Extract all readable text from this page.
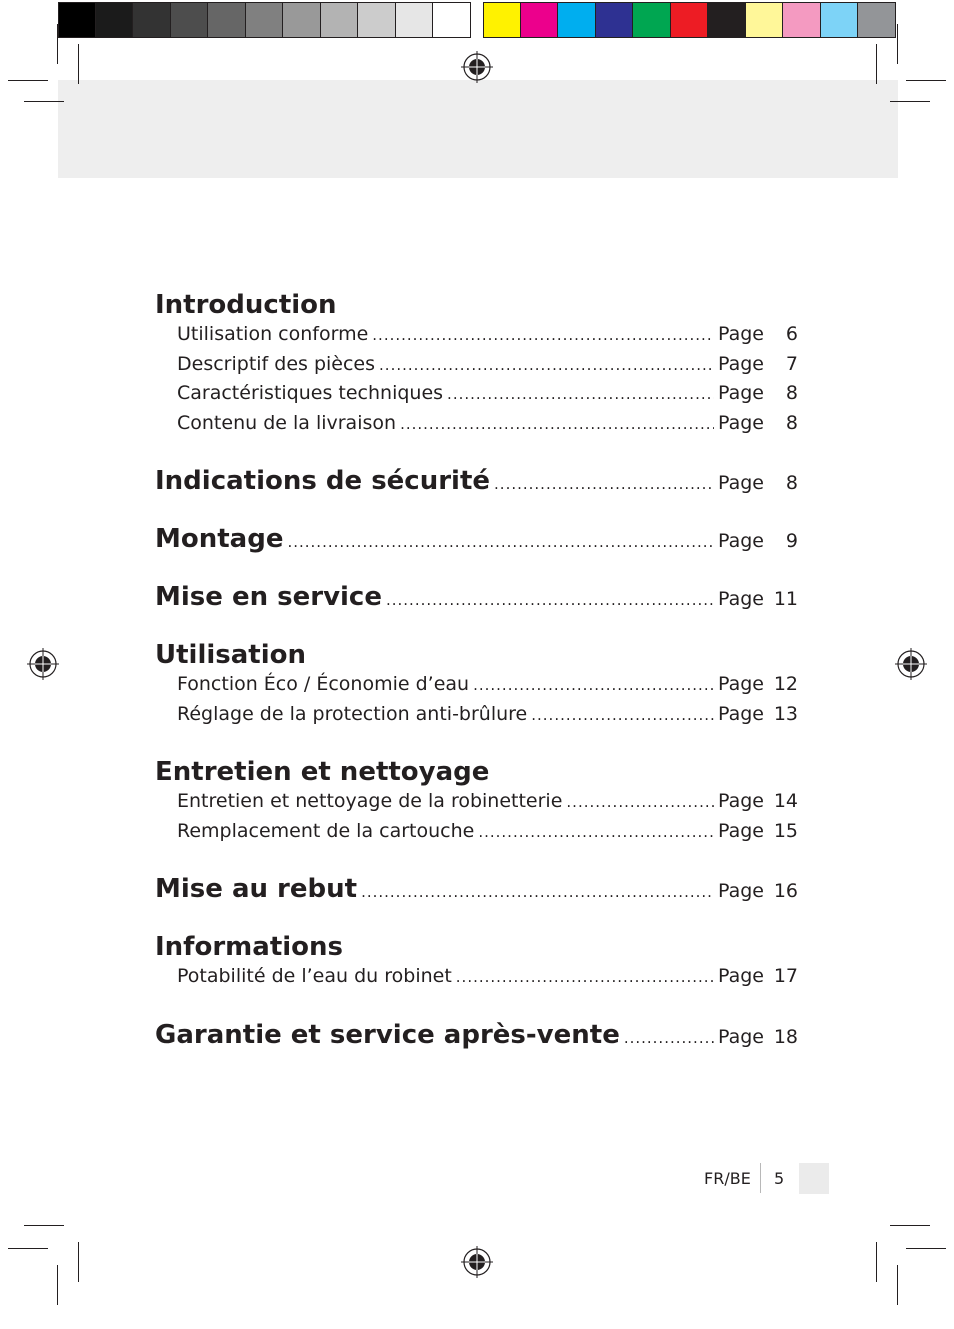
Introduction
Utilisation conforme .....	Page	6
Descriptif des pièces .....	Page	7
Caractéristiques techniques .....	Page	8
Contenu de la livraison .....	Page	8
Indications de sécurité .....	Page	8
Montage .....	Page	9
Mise en service .....	Page 11
Utilisation
Fonction Éco / Économie d’eau .....	Page 12
Réglage de la protection anti-brûlure .....	Page 13
Entretien et nettoyage
Entretien et nettoyage de la robinetterie .....	Page 14
Remplacement de la cartouche .....	Page 15
Mise au rebut .....	Page 16
Informations
Potabilité de l’eau du robinet .....	Page 17
Garantie et service après-vente .....	Page 18
FR/BE 5
